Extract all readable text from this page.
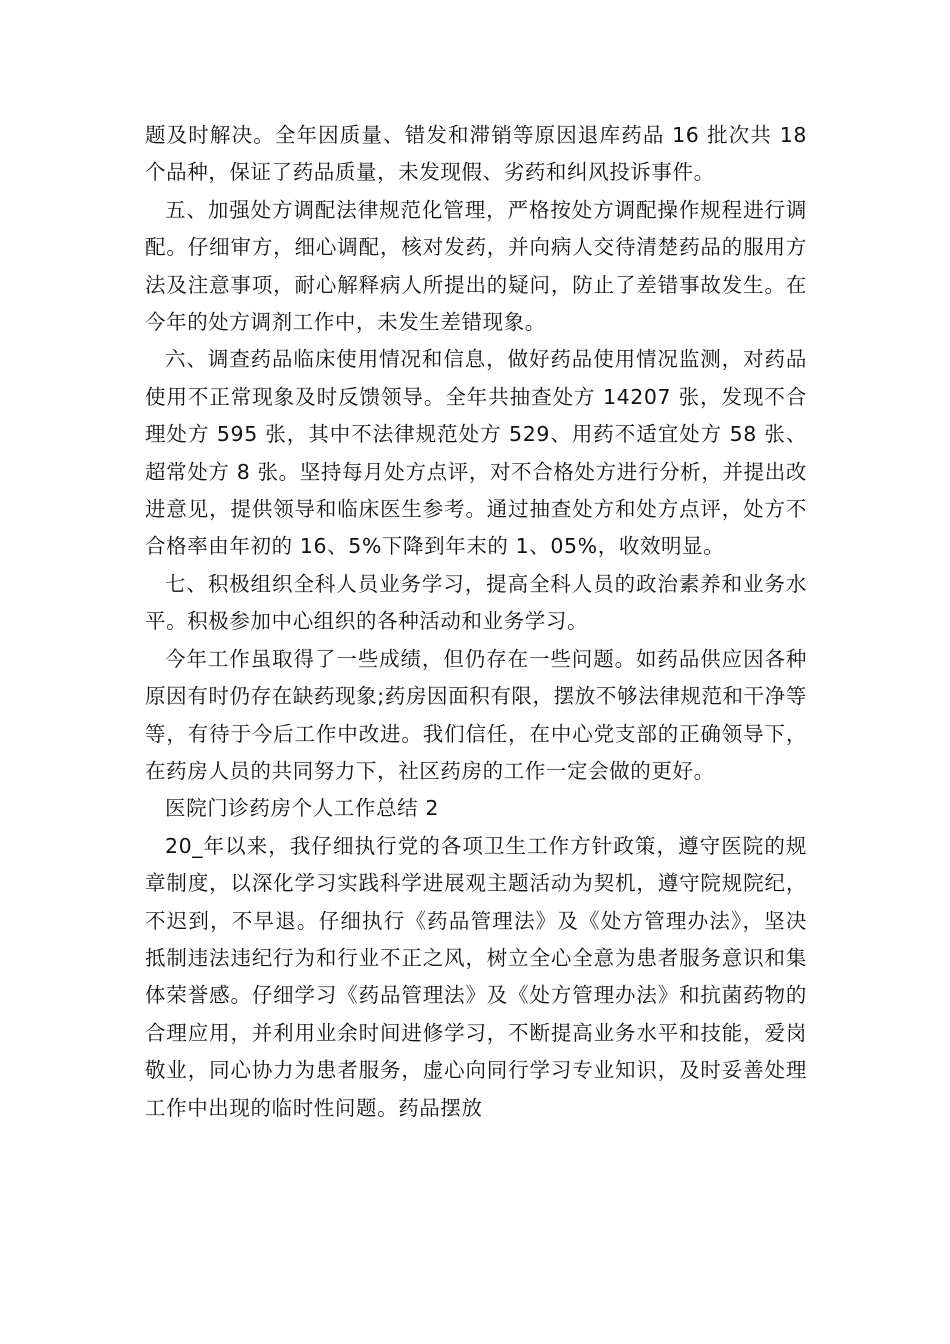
题及时解决。全年因质量、错发和滞销等原因退库药品 16 批次共 18 个品种，保证了药品质量，未发现假、劣药和纠风投诉事件。

五、加强处方调配法律规范化管理，严格按处方调配操作规程进行调配。仔细审方，细心调配，核对发药，并向病人交待清楚药品的服用方法及注意事项，耐心解释病人所提出的疑问，防止了差错事故发生。在今年的处方调剂工作中，未发生差错现象。

六、调查药品临床使用情况和信息，做好药品使用情况监测，对药品使用不正常现象及时反馈领导。全年共抽查处方 14207 张，发现不合理处方 595 张，其中不法律规范处方 529、用药不适宜处方 58 张、超常处方 8 张。坚持每月处方点评，对不合格处方进行分析，并提出改进意见，提供领导和临床医生参考。通过抽查处方和处方点评，处方不合格率由年初的 16、5%下降到年末的 1、05%，收效明显。

七、积极组织全科人员业务学习，提高全科人员的政治素养和业务水平。积极参加中心组织的各种活动和业务学习。

今年工作虽取得了一些成绩，但仍存在一些问题。如药品供应因各种原因有时仍存在缺药现象;药房因面积有限，摆放不够法律规范和干净等等，有待于今后工作中改进。我们信任，在中心党支部的正确领导下，在药房人员的共同努力下，社区药房的工作一定会做的更好。

医院门诊药房个人工作总结 2

20_年以来，我仔细执行党的各项卫生工作方针政策，遵守医院的规章制度，以深化学习实践科学进展观主题活动为契机，遵守院规院纪，不迟到，不早退。仔细执行《药品管理法》及《处方管理办法》，坚决抵制违法违纪行为和行业不正之风，树立全心全意为患者服务意识和集体荣誉感。仔细学习《药品管理法》及《处方管理办法》和抗菌药物的合理应用，并利用业余时间进修学习，不断提高业务水平和技能，爱岗敬业，同心协力为患者服务，虚心向同行学习专业知识，及时妥善处理工作中出现的临时性问题。药品摆放
